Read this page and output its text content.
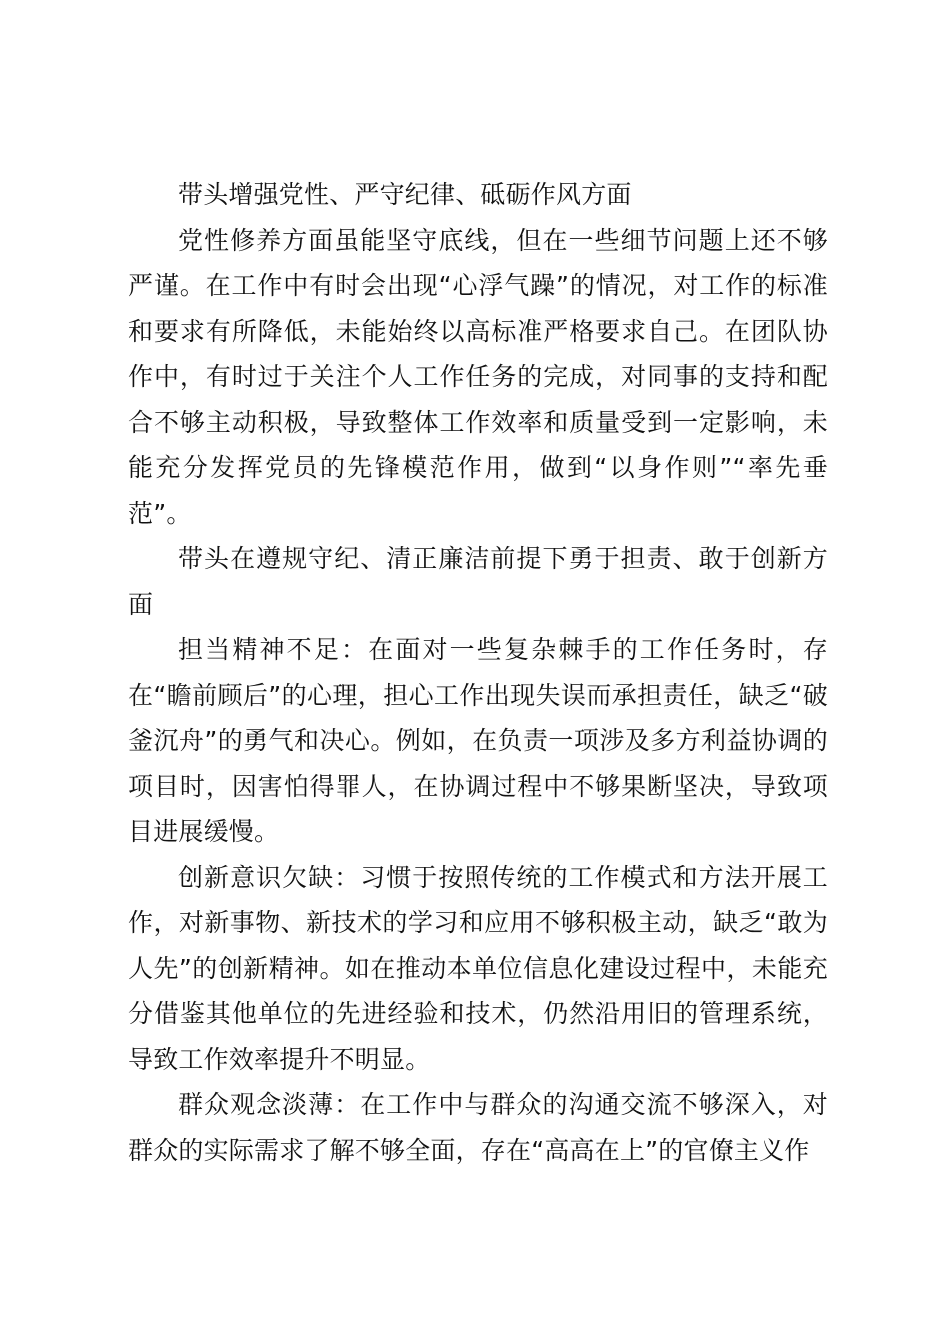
带头增强党性、严守纪律、砥砺作风方面

党性修养方面虽能坚守底线，但在一些细节问题上还不够严谨。在工作中有时会出现“心浮气躁”的情况，对工作的标准和要求有所降低，未能始终以高标准严格要求自己。在团队协作中，有时过于关注个人工作任务的完成，对同事的支持和配合不够主动积极，导致整体工作效率和质量受到一定影响，未能充分发挥党员的先锋模范作用，做到“以身作则”“率先垂范”。

带头在遵规守纪、清正廉洁前提下勇于担责、敢于创新方面

担当精神不足：在面对一些复杂棘手的工作任务时，存在“瞻前顾后”的心理，担心工作出现失误而承担责任，缺乏“破釜沉舟”的勇气和决心。例如，在负责一项涉及多方利益协调的项目时，因害怕得罪人，在协调过程中不够果断坚决，导致项目进展缓慢。

创新意识欠缺：习惯于按照传统的工作模式和方法开展工作，对新事物、新技术的学习和应用不够积极主动，缺乏“敢为人先”的创新精神。如在推动本单位信息化建设过程中，未能充分借鉴其他单位的先进经验和技术，仍然沿用旧的管理系统，导致工作效率提升不明显。

群众观念淡薄：在工作中与群众的沟通交流不够深入，对群众的实际需求了解不够全面，存在“高高在上”的官僚主义作
